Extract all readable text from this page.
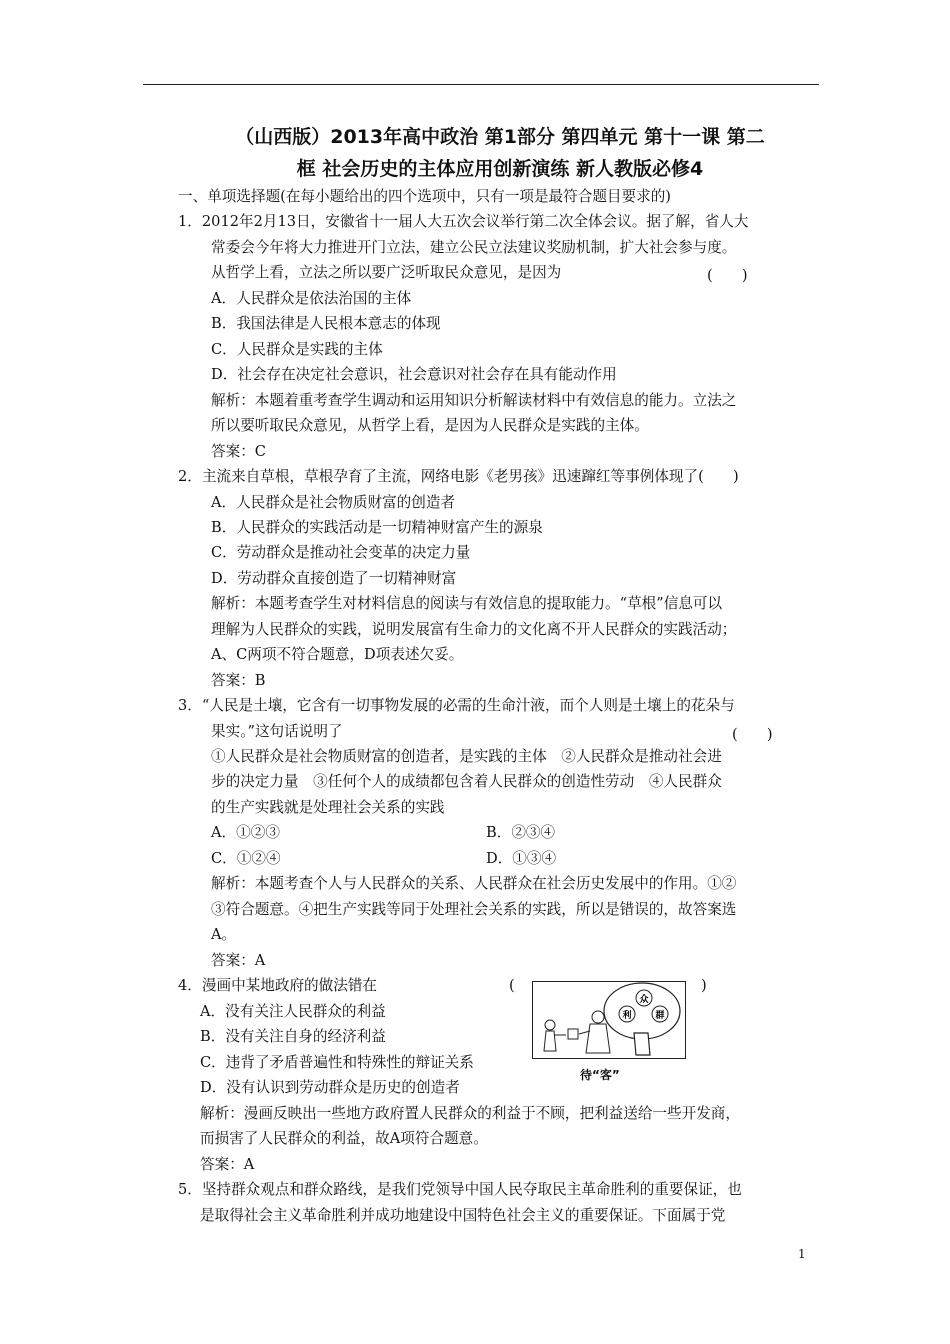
（山西版）2013年高中政治 第1部分 第四单元 第十一课 第二
框 社会历史的主体应用创新演练 新人教版必修4
一、单项选择题(在每小题给出的四个选项中，只有一项是最符合题目要求的)
1．2012年2月13日，安徽省十一届人大五次会议举行第二次全体会议。据了解，省人大
常委会今年将大力推进开门立法，建立公民立法建议奖励机制，扩大社会参与度。
从哲学上看，立法之所以要广泛听取民众意见，是因为	(　　)
A．人民群众是依法治国的主体
B．我国法律是人民根本意志的体现
C．人民群众是实践的主体
D．社会存在决定社会意识，社会意识对社会存在具有能动作用
解析：本题着重考查学生调动和运用知识分析解读材料中有效信息的能力。立法之
所以要听取民众意见，从哲学上看，是因为人民群众是实践的主体。
答案：C
2．主流来自草根，草根孕育了主流，网络电影《老男孩》迅速蹿红等事例体现了(　　)
A．人民群众是社会物质财富的创造者
B．人民群众的实践活动是一切精神财富产生的源泉
C．劳动群众是推动社会变革的决定力量
D．劳动群众直接创造了一切精神财富
解析：本题考查学生对材料信息的阅读与有效信息的提取能力。“草根”信息可以
理解为人民群众的实践，说明发展富有生命力的文化离不开人民群众的实践活动；
A、C两项不符合题意，D项表述欠妥。
答案：B
3．“人民是土壤，它含有一切事物发展的必需的生命汁液，而个人则是土壤上的花朵与
果实。”这句话说明了	(　　)
①人民群众是社会物质财富的创造者，是实践的主体　②人民群众是推动社会进
步的决定力量　③任何个人的成绩都包含着人民群众的创造性劳动　④人民群众
的生产实践就是处理社会关系的实践
A．①②③	B．②③④
C．①②④	D．①③④
解析：本题考查个人与人民群众的关系、人民群众在社会历史发展中的作用。①②
③符合题意。④把生产实践等同于处理社会关系的实践，所以是错误的，故答案选
A。
答案：A
4．漫画中某地政府的做法错在	(	)
A．没有关注人民群众的利益
B．没有关注自身的经济利益
C．违背了矛盾普遍性和特殊性的辩证关系
D．没有认识到劳动群众是历史的创造者
利
众
群
待“客”
解析：漫画反映出一些地方政府置人民群众的利益于不顾，把利益送给一些开发商，
而损害了人民群众的利益，故A项符合题意。
答案：A
5．坚持群众观点和群众路线，是我们党领导中国人民夺取民主革命胜利的重要保证，也
是取得社会主义革命胜利并成功地建设中国特色社会主义的重要保证。下面属于党
1
